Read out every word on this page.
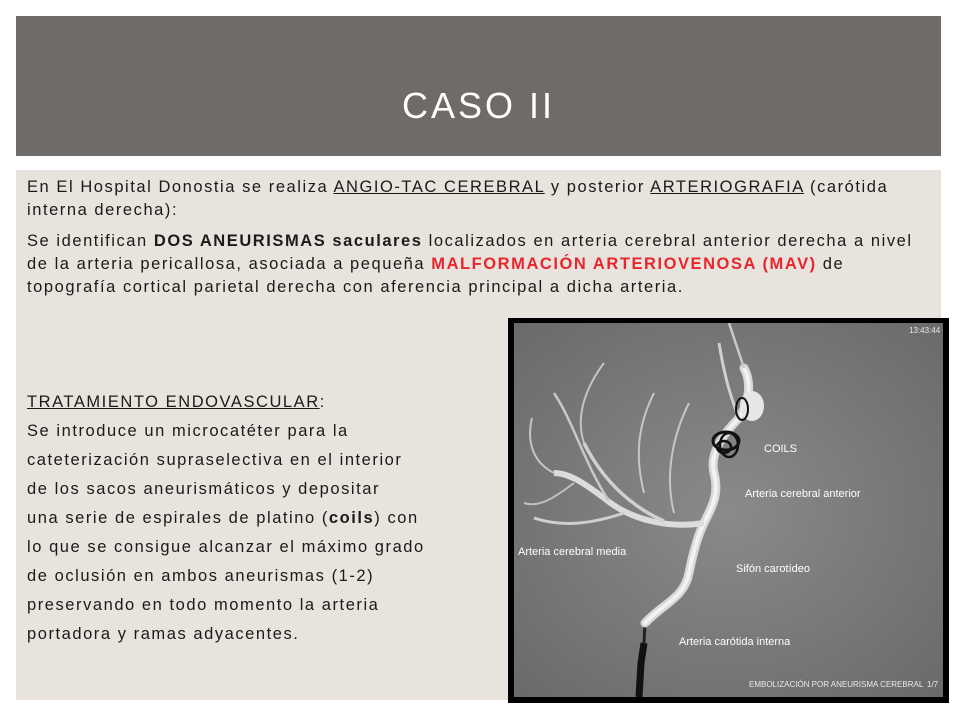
CASO II
En El Hospital Donostia se realiza ANGIO-TAC CEREBRAL y posterior ARTERIOGRAFIA (carótida interna derecha):
Se identifican DOS ANEURISMAS saculares localizados en arteria cerebral anterior derecha a nivel de la arteria pericallosa, asociada a pequeña MALFORMACIÓN ARTERIOVENOSA (MAV) de topografía cortical parietal derecha con aferencia principal a dicha arteria.
TRATAMIENTO ENDOVASCULAR:
Se introduce un microcatéter para la
cateterización supraselectiva en el interior
de los sacos aneurismáticos y depositar
una serie de espirales de platino (coils) con
lo que se consigue alcanzar el máximo grado
de oclusión en ambos aneurismas (1-2)
preservando en todo momento la arteria
portadora y ramas adyacentes.
13:43:44
COILS
Arteria cerebral anterior
Arteria cerebral media
Sifón carotídeo
Arteria carótida interna
EMBOLIZACIÓN POR ANEURISMA CEREBRAL 1/7
